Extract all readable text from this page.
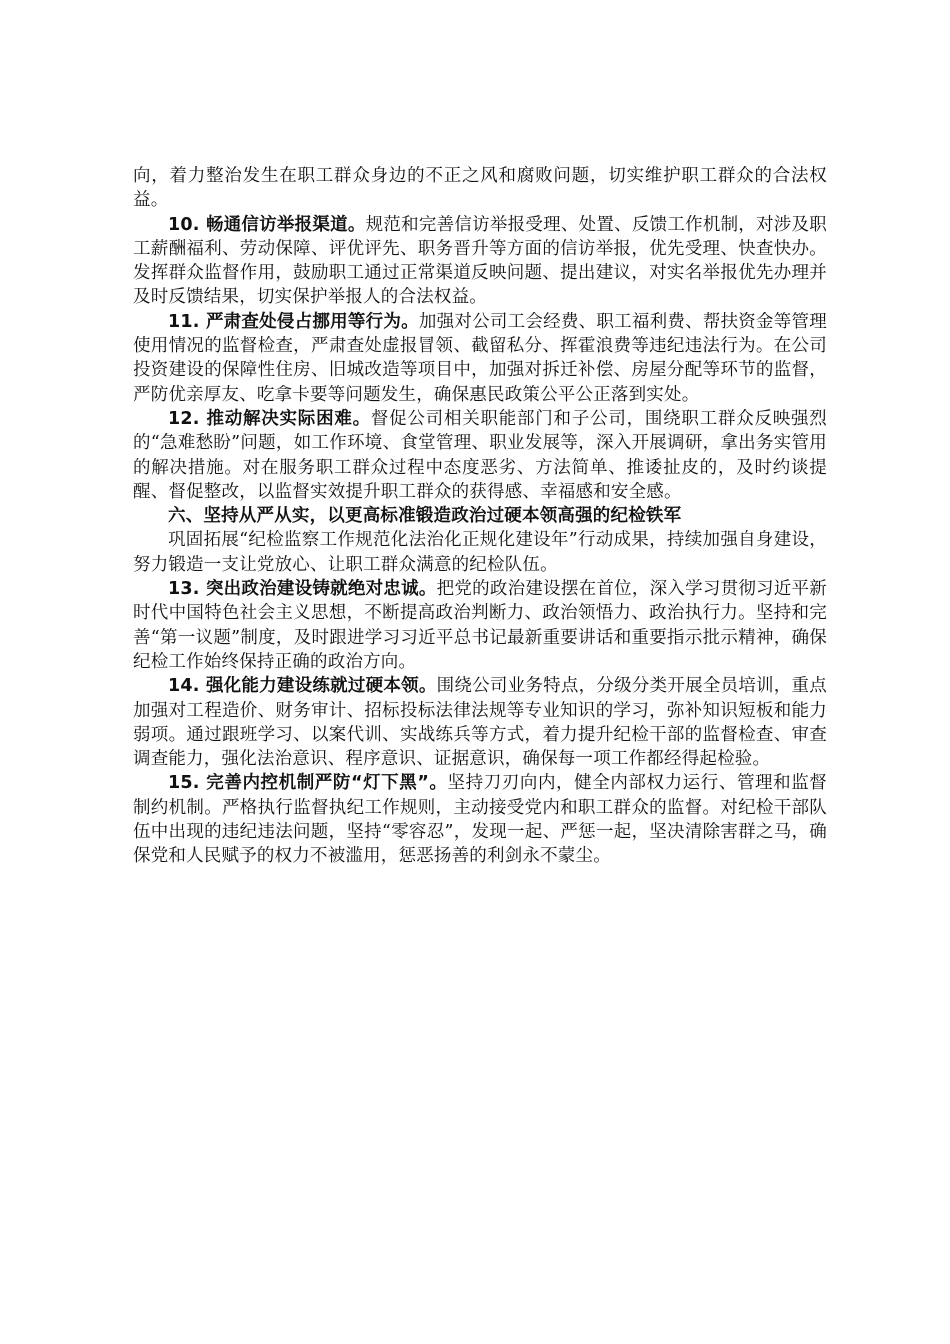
向，着力整治发生在职工群众身边的不正之风和腐败问题，切实维护职工群众的合法权益。

10. 畅通信访举报渠道。规范和完善信访举报受理、处置、反馈工作机制，对涉及职工薪酬福利、劳动保障、评优评先、职务晋升等方面的信访举报，优先受理、快查快办。发挥群众监督作用，鼓励职工通过正常渠道反映问题、提出建议，对实名举报优先办理并及时反馈结果，切实保护举报人的合法权益。

11. 严肃查处侵占挪用等行为。加强对公司工会经费、职工福利费、帮扶资金等管理使用情况的监督检查，严肃查处虚报冒领、截留私分、挥霍浪费等违纪违法行为。在公司投资建设的保障性住房、旧城改造等项目中，加强对拆迁补偿、房屋分配等环节的监督，严防优亲厚友、吃拿卡要等问题发生，确保惠民政策公平公正落到实处。

12. 推动解决实际困难。督促公司相关职能部门和子公司，围绕职工群众反映强烈的“急难愁盼”问题，如工作环境、食堂管理、职业发展等，深入开展调研，拿出务实管用的解决措施。对在服务职工群众过程中态度恶劣、方法简单、推诿扯皮的，及时约谈提醒、督促整改，以监督实效提升职工群众的获得感、幸福感和安全感。

六、坚持从严从实，以更高标准锻造政治过硬本领高强的纪检铁军

巩固拓展“纪检监察工作规范化法治化正规化建设年”行动成果，持续加强自身建设，努力锻造一支让党放心、让职工群众满意的纪检队伍。

13. 突出政治建设铸就绝对忠诚。把党的政治建设摆在首位，深入学习贯彻习近平新时代中国特色社会主义思想，不断提高政治判断力、政治领悟力、政治执行力。坚持和完善“第一议题”制度，及时跟进学习习近平总书记最新重要讲话和重要指示批示精神，确保纪检工作始终保持正确的政治方向。

14. 强化能力建设练就过硬本领。围绕公司业务特点，分级分类开展全员培训，重点加强对工程造价、财务审计、招标投标法律法规等专业知识的学习，弥补知识短板和能力弱项。通过跟班学习、以案代训、实战练兵等方式，着力提升纪检干部的监督检查、审查调查能力，强化法治意识、程序意识、证据意识，确保每一项工作都经得起检验。

15. 完善内控机制严防“灯下黑”。坚持刀刃向内，健全内部权力运行、管理和监督制约机制。严格执行监督执纪工作规则，主动接受党内和职工群众的监督。对纪检干部队伍中出现的违纪违法问题，坚持“零容忍”，发现一起、严惩一起，坚决清除害群之马，确保党和人民赋予的权力不被滥用，惩恶扬善的利剑永不蒙尘。
